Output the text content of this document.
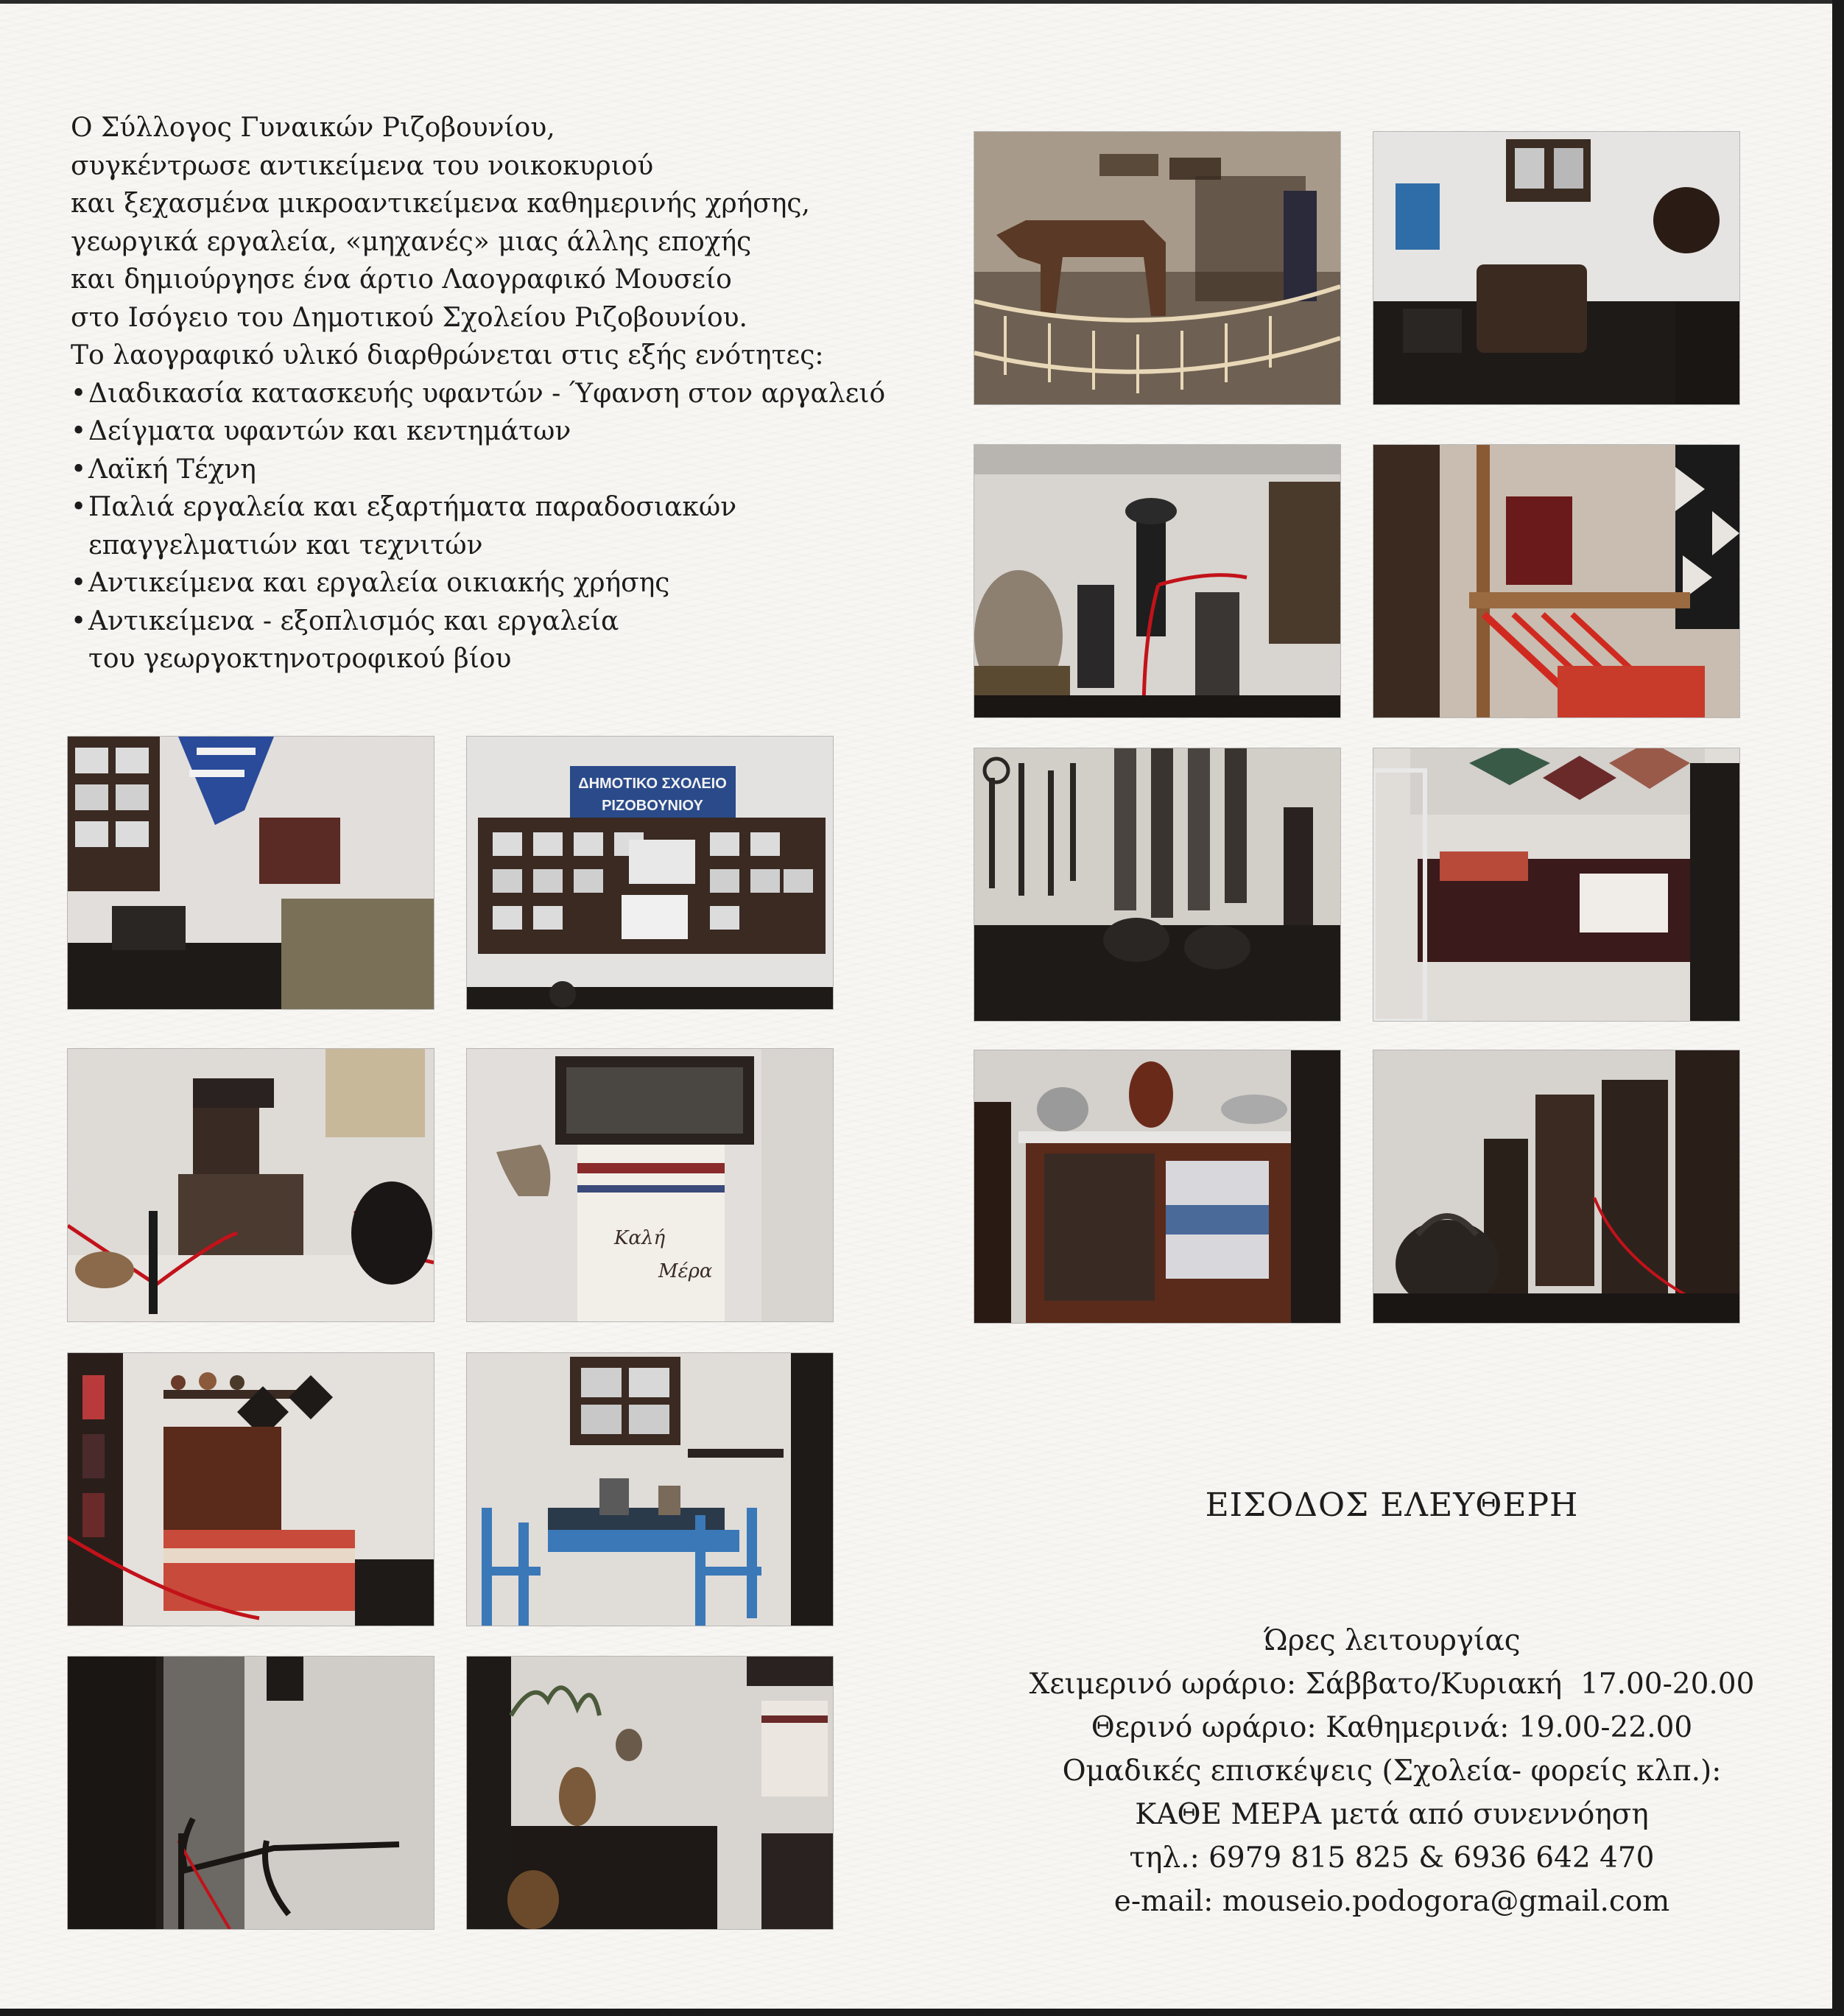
Ο Σύλλογος Γυναικών Ριζοβουνίου,

συγκέντρωσε αντικείμενα του νοικοκυριού

και ξεχασμένα μικροαντικείμενα καθημερινής χρήσης,

γεωργικά εργαλεία, «μηχανές» μιας άλλης εποχής

και δημιούργησε ένα άρτιο Λαογραφικό Μουσείο

στο Ισόγειο του Δημοτικού Σχολείου Ριζοβουνίου.

Το λαογραφικό υλικό διαρθρώνεται στις εξής ενότητες:

• Διαδικασία κατασκευής υφαντών - Ύφανση στον αργαλειό
• Δείγματα υφαντών και κεντημάτων
• Λαϊκή Τέχνη
• Παλιά εργαλεία και εξαρτήματα παραδοσιακών
επαγγελματιών και τεχνιτών
• Αντικείμενα και εργαλεία οικιακής χρήσης
• Αντικείμενα - εξοπλισμός και εργαλεία
του γεωργοκτηνοτροφικού βίου
ΔΗΜΟΤΙΚΟ ΣΧΟΛΕΙΟ
ΡΙΖΟΒΟΥΝΙΟΥ
Καλή
Μέρα
ΕΙΣΟΔΟΣ ΕΛΕΥΘΕΡΗ
Ώρες λειτουργίας
Χειμερινό ωράριο: Σάββατο/Κυριακή  17.00-20.00
Θερινό ωράριο: Καθημερινά: 19.00-22.00
Ομαδικές επισκέψεις (Σχολεία- φορείς κλπ.):
ΚΑΘΕ ΜΕΡΑ μετά από συνεννόηση
τηλ.: 6979 815 825 & 6936 642 470
e-mail: mouseio.podogora@gmail.com
